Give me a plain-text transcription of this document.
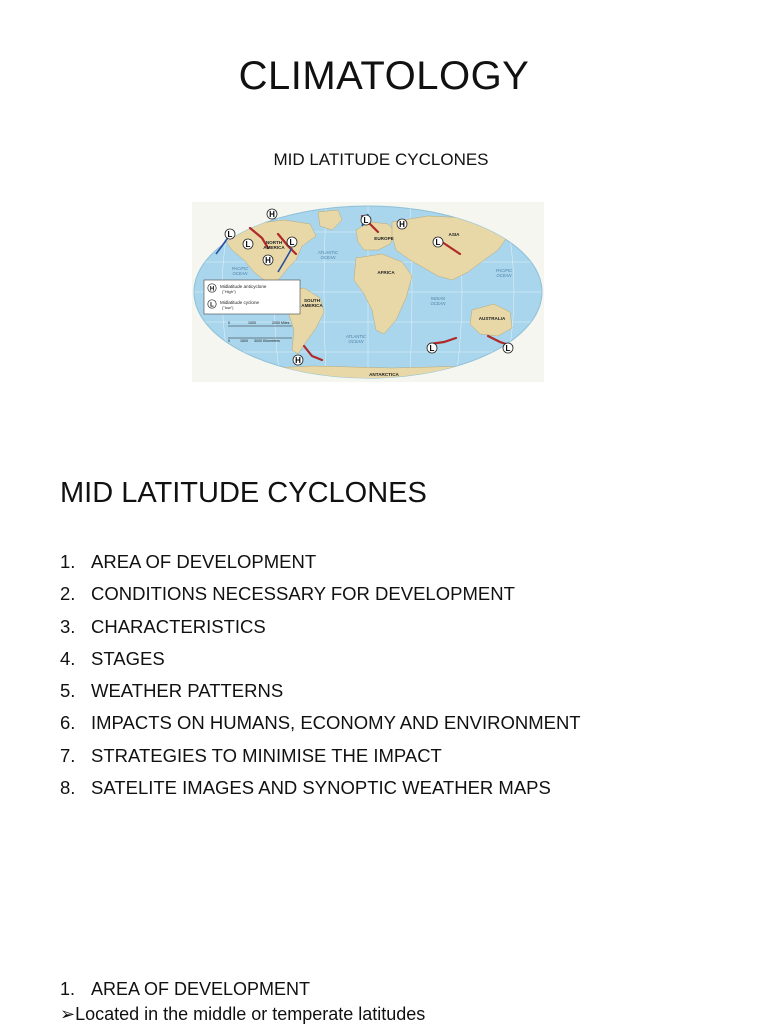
CLIMATOLOGY
MID LATITUDE CYCLONES
H
H
H
H
L
L	L
L
L
L	L
NORTH
AMERICA
SOUTH
AMERICA
EUROPE
ASIA
AFRICA
AUSTRALIA
ANTARCTICA
PACIFIC
OCEAN
PACIFIC
OCEAN
ATLANTIC
OCEAN
ATLANTIC
OCEAN
INDIAN
OCEAN
H Midlatitude anticyclone
("High")
L Midlatitude cyclone
("low")
0	1000	2000 Miles
0	1500 3000 Kilometers
MID LATITUDE CYCLONES
1. AREA OF DEVELOPMENT
2. CONDITIONS NECESSARY FOR DEVELOPMENT
3. CHARACTERISTICS
4. STAGES
5. WEATHER PATTERNS
6. IMPACTS ON HUMANS, ECONOMY AND ENVIRONMENT
7. STRATEGIES TO MINIMISE THE IMPACT
8. SATELITE IMAGES AND SYNOPTIC WEATHER MAPS
1. AREA OF DEVELOPMENT
➢Located in the middle or temperate latitudes
